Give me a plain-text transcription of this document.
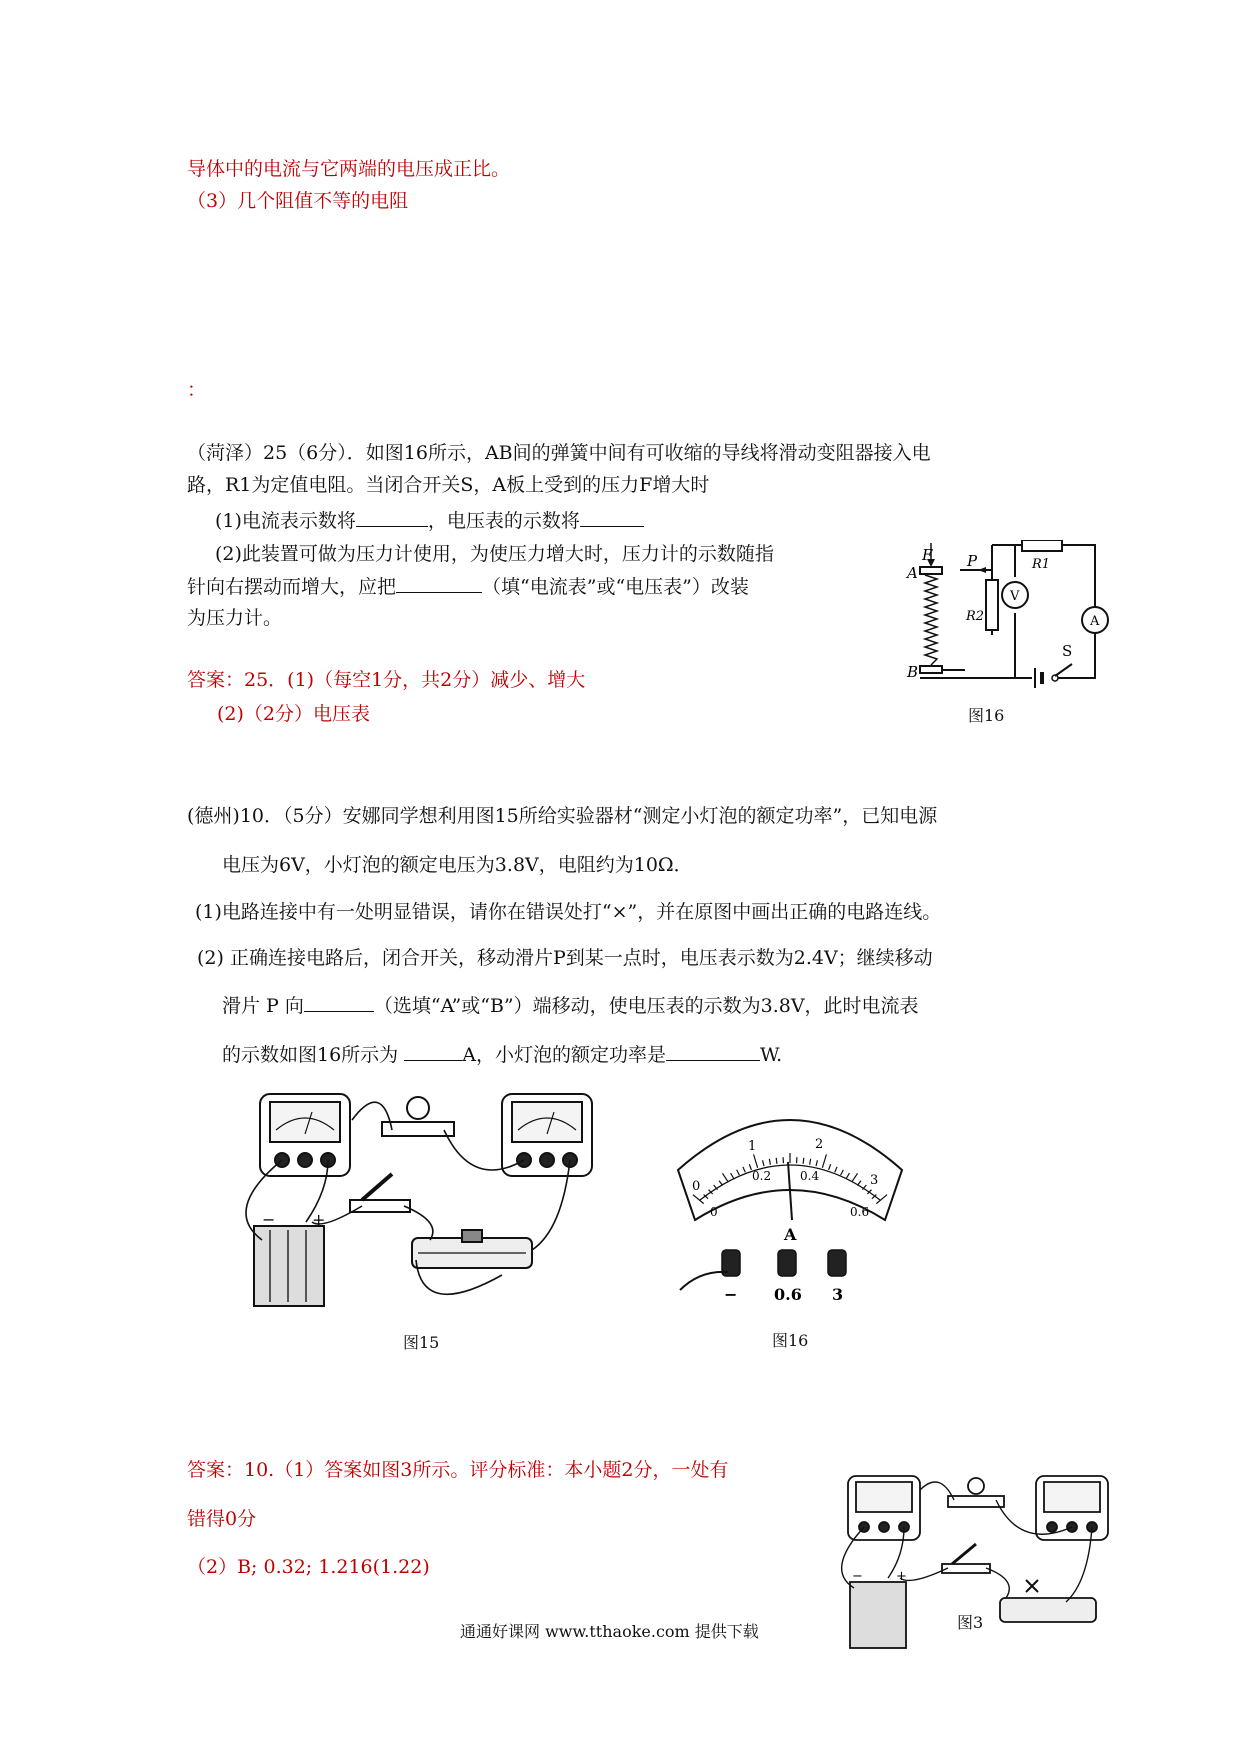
导体中的电流与它两端的电压成正比。
（3）几个阻值不等的电阻
：
（菏泽）25（6分）．如图16所示，AB间的弹簧中间有可收缩的导线将滑动变阻器接入电
路，R1为定值电阻。当闭合开关S，A板上受到的压力F增大时
(1)电流表示数将	，电压表的示数将
(2)此装置可做为压力计使用，为使压力增大时，压力计的示数随指
针向右摆动而增大，应把	（填“电流表”或“电压表”）改装
为压力计。
答案：25．(1)（每空1分，共2分）减少、增大
(2)（2分）电压表
F
A
B
P	R1
R2
V
A
S
图16
(德州)10．（5分）安娜同学想利用图15所给实验器材“测定小灯泡的额定功率”，已知电源
电压为6V，小灯泡的额定电压为3.8V，电阻约为10Ω．
(1)电路连接中有一处明显错误，请你在错误处打“×”，并在原图中画出正确的电路连线。
(2) 正确连接电路后，闭合开关，移动滑片P到某一点时，电压表示数为2.4V；继续移动
滑片 P 向	（选填“A”或“B”）端移动，使电压表的示数为3.8V，此时电流表
的示数如图16所示为	A，小灯泡的额定功率是	W.
− +
图15
0
1	2
3
0
0.2 0.4
0.6
A
− 0.6 3
图16
答案：10.（1）答案如图3所示。评分标准：本小题2分，一处有
错得0分
（2）B; 0.32; 1.216(1.22)	−	+
图3
通通好课网 www.tthaoke.com 提供下载
